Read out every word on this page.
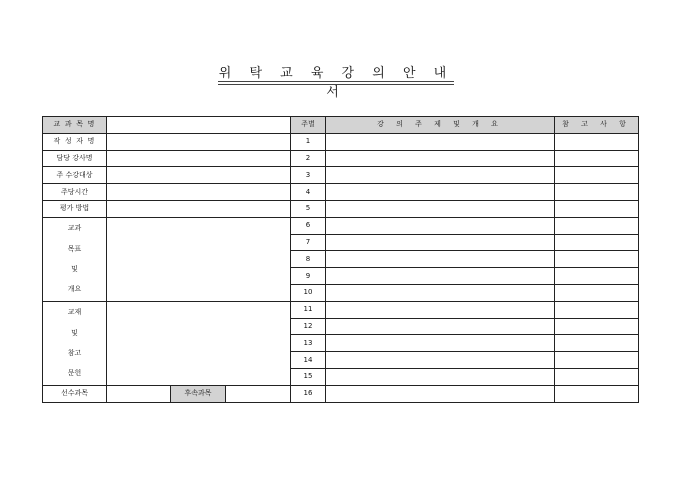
위 탁 교 육 강 의 안 내 서
교 과 목 명				주별	강 의 주 제 및 개 요	참 고 사 항
작 성 자 명				1		
담당 강사명				2		
주 수강대상				3		
주당시간				4		
평가 방법				5		

교과
목표
및
개요				6		
				7		
				8		
				9		
				10		

교재
및
참고
문헌				11		
				12		
				13		
				14		
				15		
선수과목		후속과목		16		
